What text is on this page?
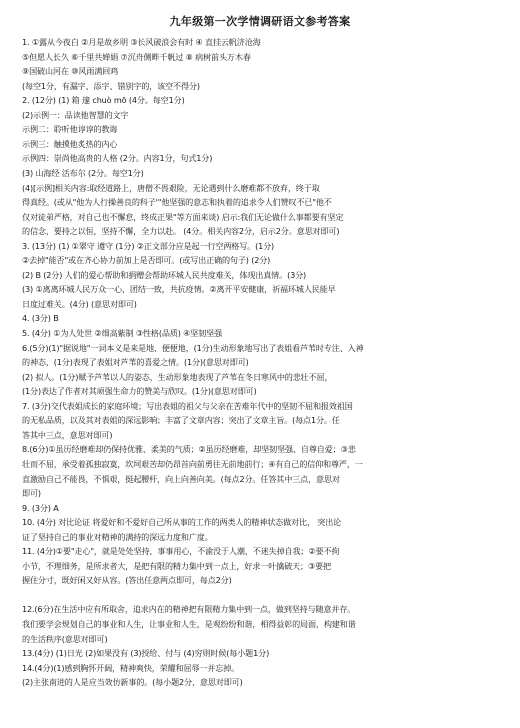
九年级第一次学情调研语文参考答案
1. ①露从今夜白 ②月是故乡明 ③长风破浪会有时 ④ 直挂云帆济沧海
⑤但愿人长久 ⑥千里共婵娟 ⑦沉舟侧畔千帆过 ⑧ 病树前头万木春
⑨国破山河在 ⑩风雨满回鸡
(每空1分，有漏字、添字、错别字的，该空不得分)
2. (12分) (1) 箱 邃 chuò mō (4分。每空1分)
(2)示例一：品读他智慧的文字
示例二：聆听他谆谆的教诲
示例三：触摸他炙热的内心
示例四：崇尚他高贵的人格 (2分。内容1分，句式1分)
(3) 山海经 活布尔 (2分。每空1分)
(4)[示例]相关内容:取经道路上，唐僧不畏艰险，无论遇到什么磨难都不放弃，终于取
得真经。(或从"他为人行操善良的科子'"他坚强的意志和执着的追求令人们赞叹不已"他不
仅对徒弟严格，对自己也不懈怠，终成正果"等方面来谈) 启示:我们无论做什么事都要有坚定
的信念，要持之以恒，坚持不懈，全力以赴。 (4分。相关内容2分，启示2分。意思对即可)
3. (13分) (1) ①翠守 遵守 (1分) ②正文部分应是起一行空两格写。(1分)
②去掉"能否"或在齐心协力前加上是否即可。(或写出正确的句子) (2分)
(2) B (2分) 人们的爱心帮助和捐赠会帮助环城人民共度难关，体现出真情。(3分)
(3) ①离离环城人民万众一心，团结一致，共抗疫情。②离开平安健康，祈福环城人民能早
日度过难关。(4分) (意思对即可)
4. (3分) B
5. (4分) ①为人处世 ②细高紫制 ③性格(品质) ④坚韧坚强
6.(5分)(1)"据说地"一词本义是来是地、便便地，(1分)生动形象地写出了表姐看芦苇时专注、入神
的神态，(1分)表现了表姐对芦苇的喜爱之情。(1分)(意思对即可)
(2) 拟人。(1分)赋予芦苇以人的姿态，生动形象地表现了芦苇在冬日寒风中的悲壮不屈，
(1分)表达了作者对其顽强生命力的赞美与欣叹。(1分)(意思对即可)
7. (3分)交代表姐成长的家庭环境；写出表姐的祖父与父亲在苦难年代中的坚韧不屈和报效祖国
的无私品质，以及其对表姐的深远影响；丰富了文章内容；突出了文章主旨。(每点1分。任
答其中三点，意思对即可)
8.(6分)①虽历经磨难却仍保持优雅、柔美的气质；②虽历经磨难，却坚韧坚强、自尊自爱；③悲
壮而不屈，承受着孤独寂寞，坎坷艰苦却仍昂首向前勇往无前地前行；④有自己的信仰和尊严，一
直激励自己不能畏，不惧艰，挺起腰杆，向上向善向美。(每点2分。任答其中三点，意思对
即可)
9. (3分) A
10. (4分) 对比论证 将爱好和不爱好自己所从事的工作的两类人的精神状态做对比， 突出论
证了坚持自己的事业对精神的满持的深远力度和广度。
11. (4分)①要"走心"，就是处处坚持，事事用心，不渝没于人潮，不迷失掉自我；②要不拘
小节，不理细务，是所求者大，是把有限的精力集中到一点上，好求一叶擒破天；③要把
握住分寸，既好闲又好从容。(答出任意两点即可，每点2分)
12.(6分)在生活中应有所取舍，追求内在的精神把有限精力集中到一点，做到坚持与随意并存。
我们要学会规划自己的事业和人生，让事业和人生，是观纷纷和谐，相得益彰的局面，构建和谐
的生活秩序(意思对即可)
13.(4分) (1)日光 (2)如果没有 (3)授给、付与 (4)穷则时候(每小题1分)
14.(4分)(1)感到胸怀开阔，精神爽快，荣耀和屈辱一并忘掉。
(2)主张南进的人是应当效仿新事的。(每小题2分，意思对即可)
